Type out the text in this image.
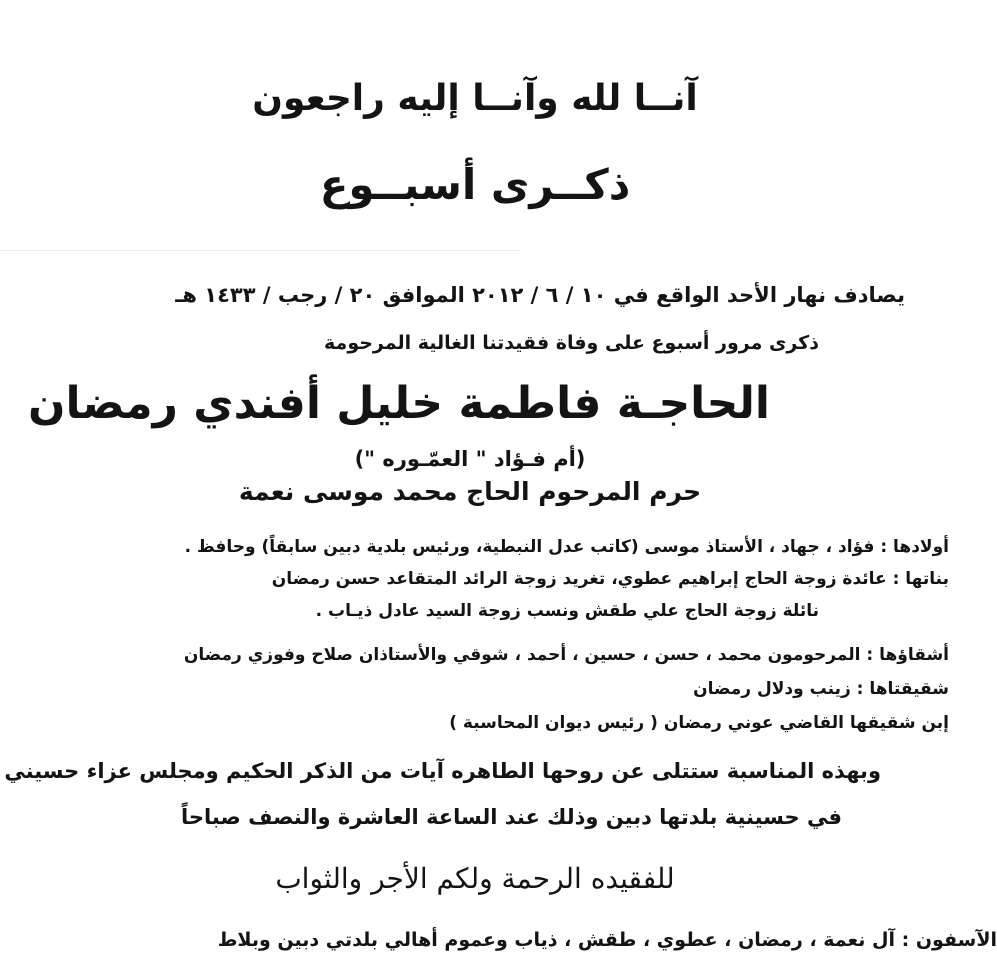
آنــا لله وآنــا إليه راجعون
ذكــرى أسبــوع
يصادف نهار الأحد الواقع في ١٠ / ٦ / ٢٠١٢ الموافق ٢٠ / رجب / ١٤٣٣ هـ
ذكرى مرور أسبوع على وفاة فقيدتنا الغالية المرحومة
الحاجـة فاطمة خليل أفندي رمضان
(أم فـؤاد " العمّـوره ")
حرم المرحوم الحاج محمد موسى نعمة
أولادها : فؤاد ، جهاد ، الأستاذ موسى (كاتب عدل النبطية، ورئيس بلدية دبين سابقاً) وحافظ .
بناتها : عائدة زوجة الحاج إبراهيم عطوي، تغريد زوجة الرائد المتقاعد حسن رمضان
نائلة زوجة الحاج علي طقش ونسب زوجة السيد عادل ذيـاب .
أشقاؤها : المرحومون محمد ، حسن ، حسين ، أحمد ، شوقي والأستاذان صلاح وفوزي رمضان
شقيقتاها : زينب ودلال رمضان
إبن شقيقها القاضي عوني رمضان ( رئيس ديوان المحاسبة )
وبهذه المناسبة ستتلى عن روحها الطاهره آيات من الذكر الحكيم ومجلس عزاء حسيني
في حسينية بلدتها دبين وذلك عند الساعة العاشرة والنصف صباحاً
للفقيده الرحمة ولكم الأجر والثواب
الآسفون : آل نعمة ، رمضان ، عطوي ، طقش ، ذياب وعموم أهالي بلدتي دبين وبلاط
